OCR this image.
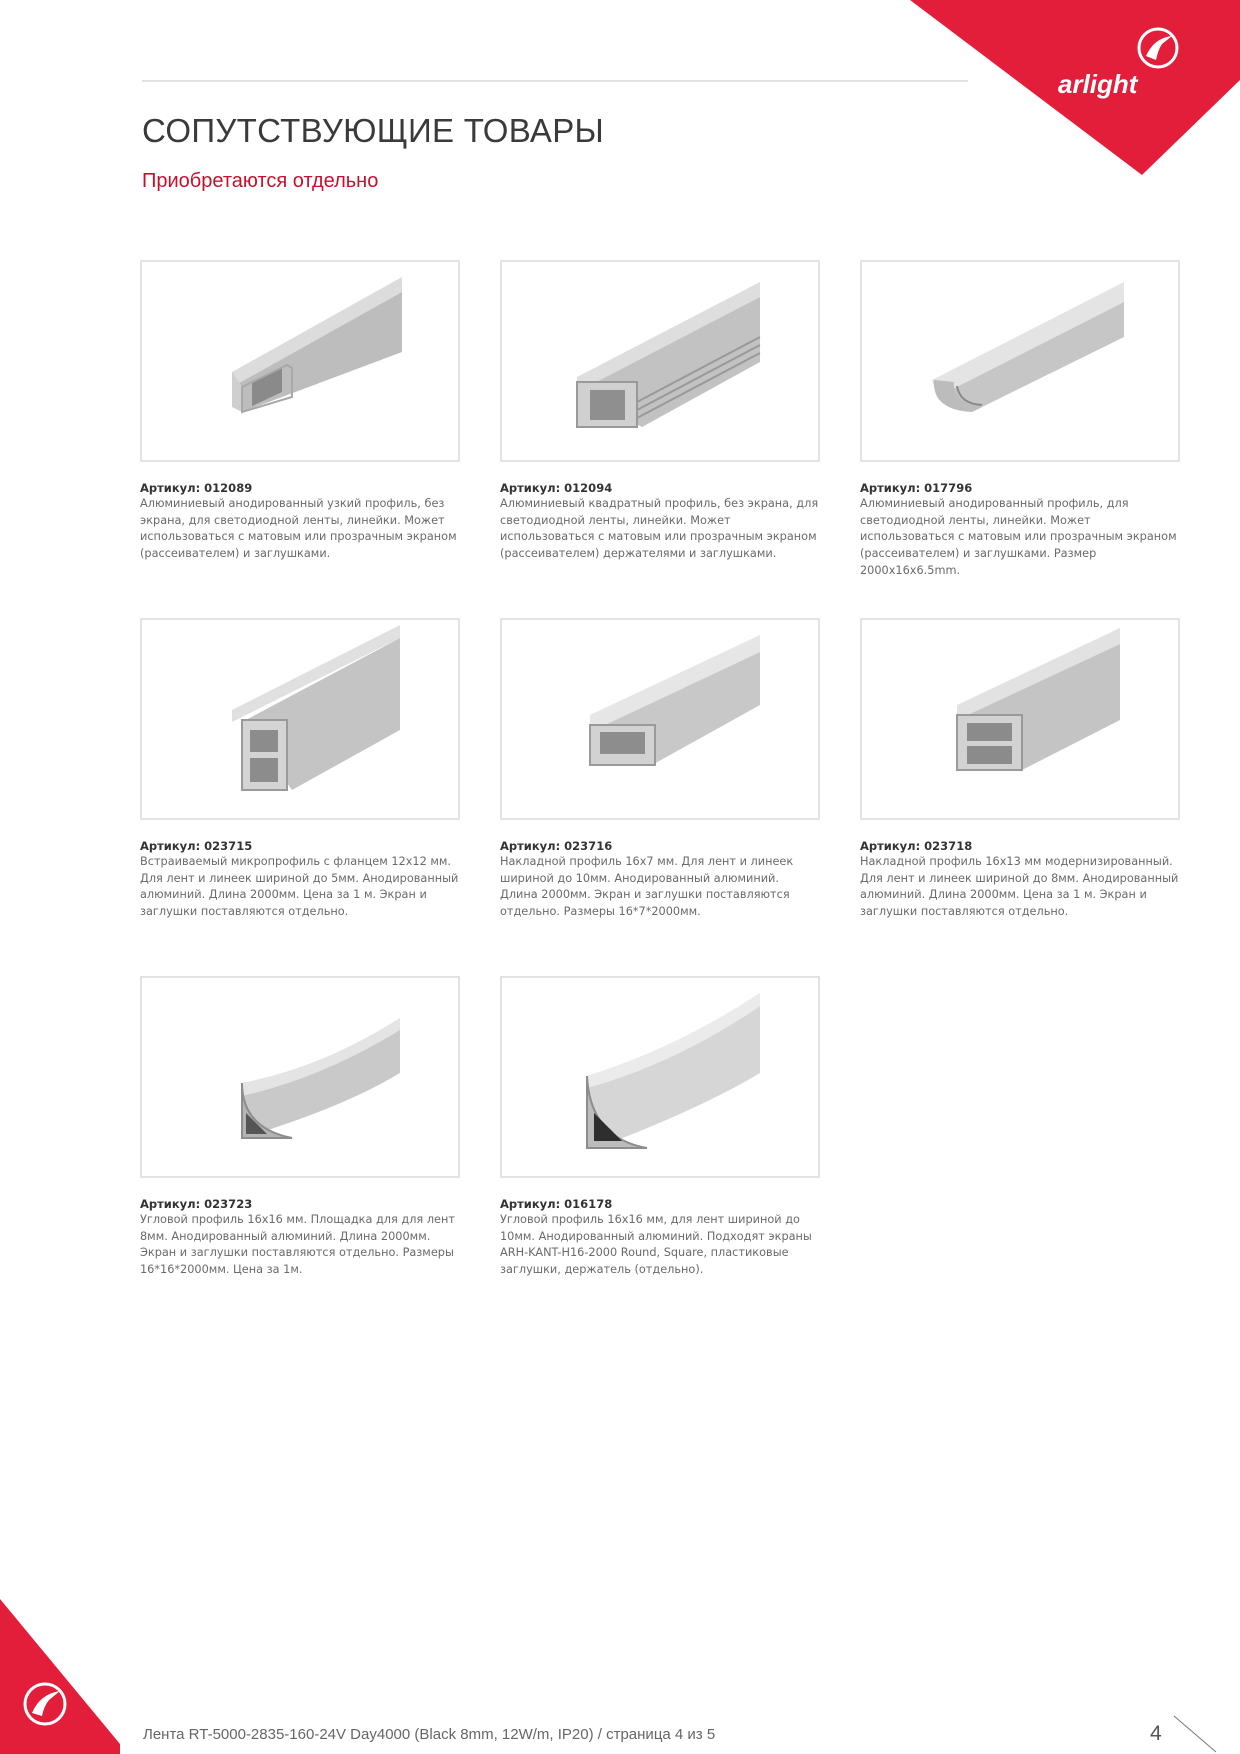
arlight
СОПУТСТВУЮЩИЕ ТОВАРЫ

Приобретаются отдельно

Артикул: 012089

Алюминиевый анодированный узкий профиль, без экрана, для светодиодной ленты, линейки. Может использоваться с матовым или прозрачным экраном (рассеивателем) и заглушками.

Артикул: 012094

Алюминиевый квадратный профиль, без экрана, для светодиодной ленты, линейки. Может использоваться с матовым или прозрачным экраном (рассеивателем) держателями и заглушками.

Артикул: 017796

Алюминиевый анодированный профиль, для светодиодной ленты, линейки. Может использоваться с матовым или прозрачным экраном (рассеивателем) и заглушками. Размер 2000x16x6.5mm.

Артикул: 023715

Встраиваемый микропрофиль с фланцем 12x12 мм. Для лент и линеек шириной до 5мм. Анодированный алюминий. Длина 2000мм. Цена за 1 м. Экран и заглушки поставляются отдельно.

Артикул: 023716

Накладной профиль 16x7 мм. Для лент и линеек шириной до 10мм. Анодированный алюминий. Длина 2000мм. Экран и заглушки поставляются отдельно. Размеры 16*7*2000мм.

Артикул: 023718

Накладной профиль 16x13 мм модернизированный. Для лент и линеек шириной до 8мм. Анодированный алюминий. Длина 2000мм. Цена за 1 м. Экран и заглушки поставляются отдельно.

Артикул: 023723

Угловой профиль 16x16 мм. Площадка для для лент 8мм. Анодированный алюминий. Длина 2000мм. Экран и заглушки поставляются отдельно. Размеры 16*16*2000мм. Цена за 1м.

Артикул: 016178

Угловой профиль 16x16 мм, для лент шириной до 10мм. Анодированный алюминий. Подходят экраны ARH-KANT-H16-2000 Round, Square, пластиковые заглушки, держатель (отдельно).

Лента RT-5000-2835-160-24V Day4000 (Black 8mm, 12W/m, IP20) / страница 4 из 5	4
